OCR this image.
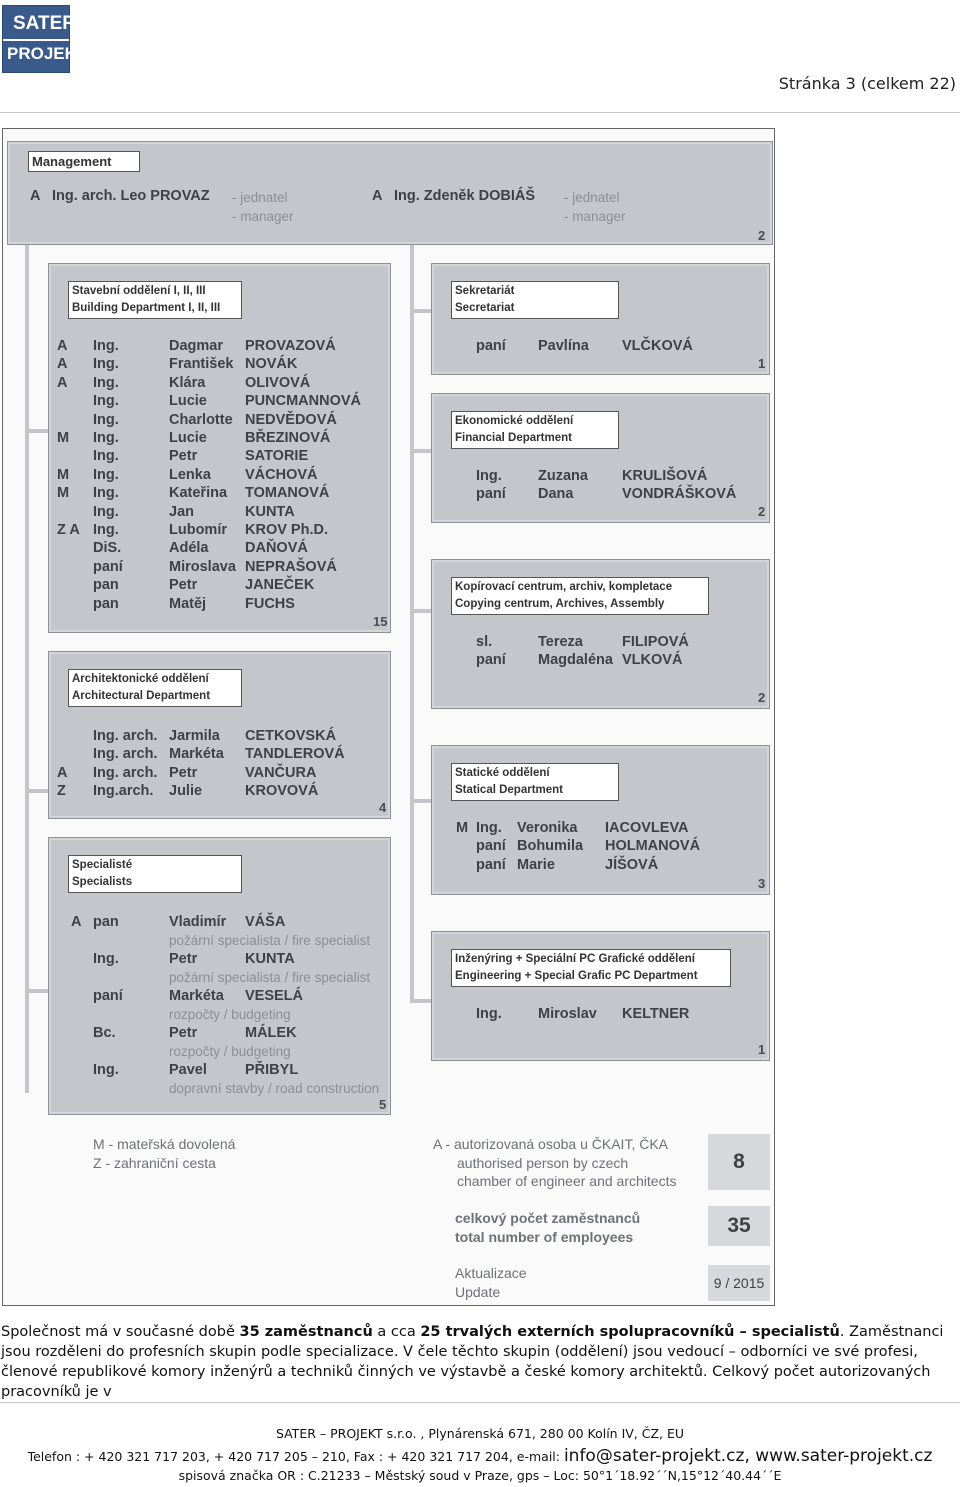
SATER
PROJEKT
Stránka 3 (celkem 22)
Management
A Ing. arch. Leo PROVAZ - jednatel
- manager
A Ing. Zdeněk DOBIÁŠ - jednatel
- manager
2
Stavební oddělení I, II, III
Building Department I, II, III
A Ing.	Dagmar PROVAZOVÁ
A Ing.	František NOVÁK
A Ing.	Klára	OLIVOVÁ
Ing.	Lucie	PUNCMANNOVÁ
Ing.	Charlotte NEDVĚDOVÁ
M Ing.	Lucie	BŘEZINOVÁ
Ing.	Petr	SATORIE
M Ing.	Lenka VÁCHOVÁ
M Ing.	Kateřina TOMANOVÁ
Ing.	Jan	KUNTA
Z A Ing.	Lubomír KROV Ph.D.
DiS.	Adéla	DAŇOVÁ
paní	Miroslava NEPRAŠOVÁ
pan	Petr	JANEČEK
pan	Matěj	FUCHS
15
Architektonické oddělení
Architectural Department
Ing. arch. Jarmila CETKOVSKÁ
Ing. arch. Markéta TANDLEROVÁ
A Ing. arch. Petr	VANČURA
Z Ing.arch. Julie	KROVOVÁ
4
Specialisté
Specialists
A pan	Vladimír VÁŠA
požární specialista / fire specialist
Ing.	Petr	KUNTA
požární specialista / fire specialist
paní	Markéta VESELÁ
rozpočty / budgeting
Bc.	Petr	MÁLEK
rozpočty / budgeting
Ing.	Pavel	PŘIBYL
dopravní stavby / road construction
5
Sekretariát
Secretariat
paní Pavlína VLČKOVÁ
1
Ekonomické oddělení
Financial Department
Ing. Zuzana KRULIŠOVÁ
paní Dana	VONDRÁŠKOVÁ
2
Kopírovací centrum, archiv, kompletace
Copying centrum, Archives, Assembly
sl.	Tereza	FILIPOVÁ
paní Magdaléna VLKOVÁ
2
Statické oddělení
Statical Department
M Ing. Veronika IACOVLEVA
paní Bohumila HOLMANOVÁ
paní Marie	JÍŠOVÁ
3
Inženýring + Speciální PC Grafické oddělení
Engineering + Special Grafic PC Department
Ing. Miroslav KELTNER
1
M - mateřská dovolená
Z - zahraniční cesta
A - autorizovaná osoba u ČKAIT, ČKA
authorised person by czech
chamber of engineer and architects
8
celkový počet zaměstnanců
total number of employees	35
Aktualizace
Update
9 / 2015
Společnost má v současné době 35 zaměstnanců a cca 25 trvalých externích spolupracovníků – specialistů. Zaměstnanci jsou rozděleni do profesních skupin podle specializace. V čele těchto skupin (oddělení) jsou vedoucí – odborníci ve své profesi, členové republikové komory inženýrů a techniků činných ve výstavbě a české komory architektů. Celkový počet autorizovaných pracovníků je v
SATER – PROJEKT s.r.o. , Plynárenská 671, 280 00 Kolín IV, ČZ, EU
Telefon : + 420 321 717 203, + 420 717 205 – 210, Fax : + 420 321 717 204, e-mail: info@sater-projekt.cz, www.sater-projekt.cz
spisová značka OR : C.21233 – Městský soud v Praze, gps – Loc: 50°1´18.92´´N,15°12´40.44´´E
